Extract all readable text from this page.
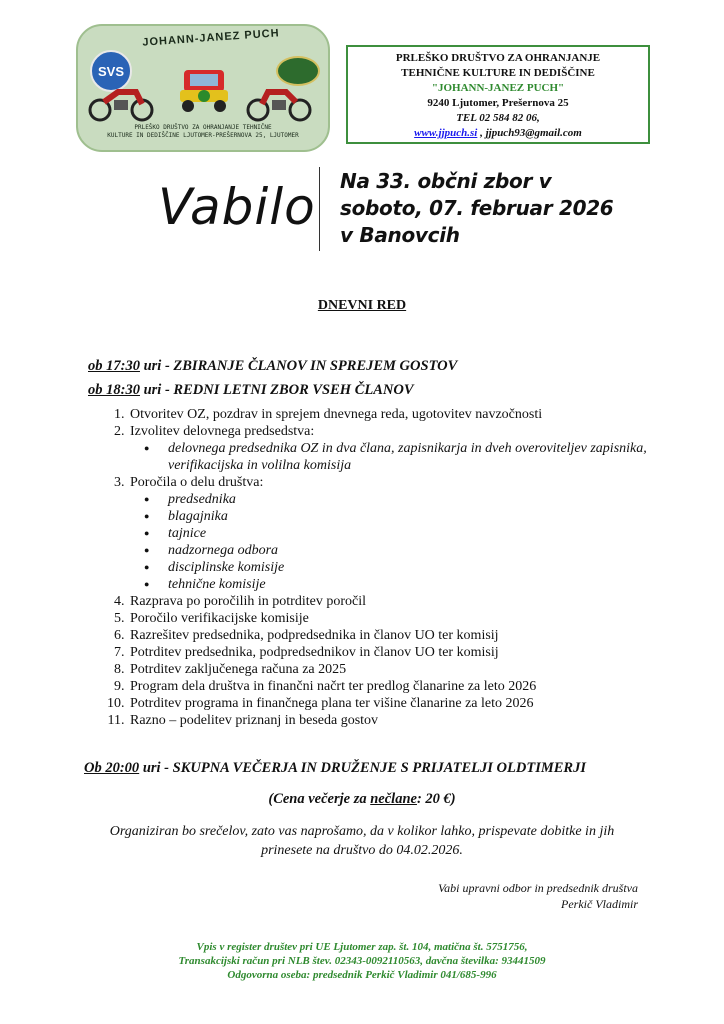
JOHANN-JANEZ PUCH
SVS
PRLEŠKO DRUŠTVO ZA OHRANJANJE TEHNIČNE
KULTURE IN DEDIŠČINE LJUTOMER-PREŠERNOVA 25, LJUTOMER
PRLEŠKO DRUŠTVO ZA OHRANJANJE
TEHNIČNE KULTURE IN DEDIŠČINE
"JOHANN-JANEZ PUCH"
9240 Ljutomer, Prešernova 25
TEL 02 584 82 06,
www.jjpuch.si , jjpuch93@gmail.com
Vabilo Na 33. občni zbor v
soboto, 07. februar 2026
v Banovcih
DNEVNI RED
ob 17:30 uri - ZBIRANJE ČLANOV IN SPREJEM GOSTOV
ob 18:30 uri - REDNI LETNI ZBOR VSEH ČLANOV
1. Otvoritev OZ, pozdrav in sprejem dnevnega reda, ugotovitev navzočnosti
2. Izvolitev delovnega predsedstva:
● delovnega predsednika OZ in dva člana, zapisnikarja in dveh overoviteljev zapisnika, verifikacijska in volilna komisija
3. Poročila o delu društva:
● predsednika
● blagajnika
● tajnice
● nadzornega odbora
● disciplinske komisije
● tehnične komisije
4. Razprava po poročilih in potrditev poročil
5. Poročilo verifikacijske komisije
6. Razrešitev predsednika, podpredsednika in članov UO ter komisij
7. Potrditev predsednika, podpredsednikov in članov UO ter komisij
8. Potrditev zaključenega računa za 2025
9. Program dela društva in finančni načrt ter predlog članarine za leto 2026
10. Potrditev programa in finančnega plana ter višine članarine za leto 2026
11. Razno – podelitev priznanj in beseda gostov
Ob 20:00 uri - SKUPNA VEČERJA IN DRUŽENJE S PRIJATELJI OLDTIMERJI
(Cena večerje za nečlane: 20 €)
Organiziran bo srečelov, zato vas naprošamo, da v kolikor lahko, prispevate dobitke in jih prinesete na društvo do 04.02.2026.
Vabi upravni odbor in predsednik društva
Perkič Vladimir
Vpis v register društev pri UE Ljutomer zap. št. 104, matična št. 5751756,
Transakcijski račun pri NLB štev. 02343-0092110563, davčna številka: 93441509
Odgovorna oseba: predsednik Perkič Vladimir 041/685-996
